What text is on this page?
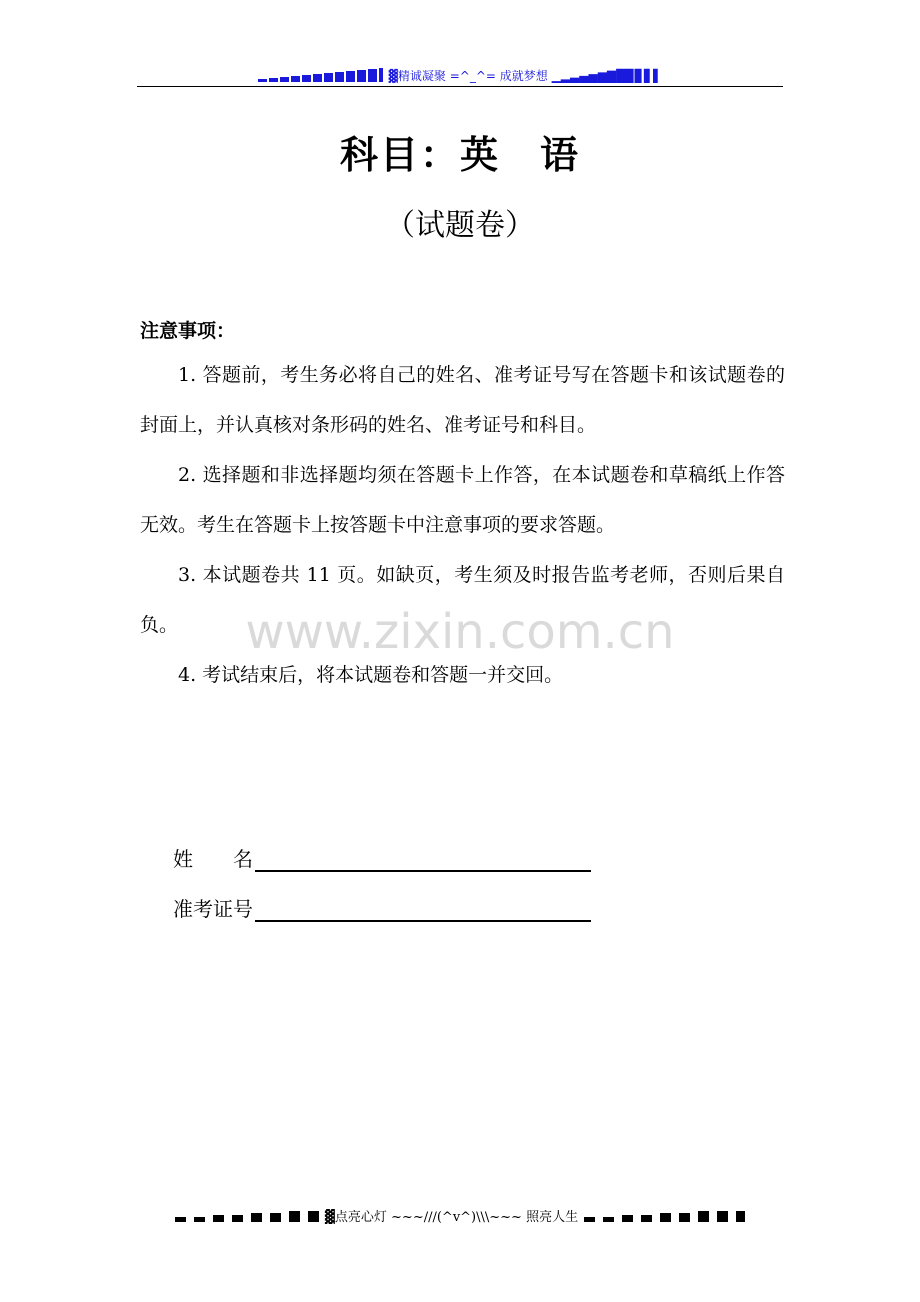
▓精诚凝聚 =^_^= 成就梦想 ▁▂▃▄▅▆▇█▉▊▋▌
科目：英　语
（试题卷）
注意事项：

1. 答题前，考生务必将自己的姓名、准考证号写在答题卡和该试题卷的封面上，并认真核对条形码的姓名、准考证号和科目。

2. 选择题和非选择题均须在答题卡上作答，在本试题卷和草稿纸上作答无效。考生在答题卡上按答题卡中注意事项的要求答题。

3. 本试题卷共 11 页。如缺页，考生须及时报告监考老师，否则后果自负。

4. 考试结束后，将本试题卷和答题一并交回。

www.zixin.com.cn
姓　　名
准考证号
▓点亮心灯 ~~~///(^v^)\\\~~~ 照亮人生
